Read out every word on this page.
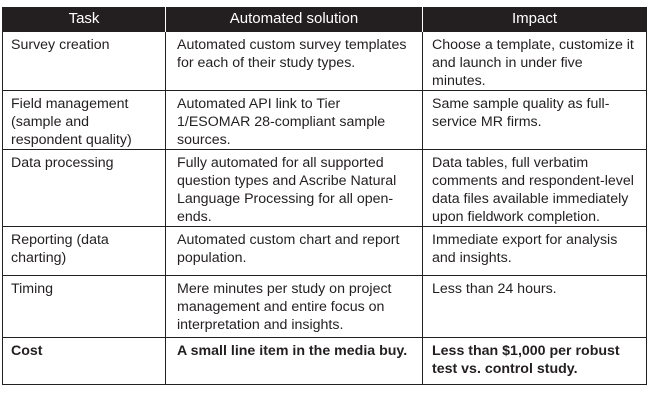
Task	Automated solution	Impact
Survey creation	Automated custom survey templates for each of their study types.	Choose a template, customize it and launch in under five minutes.
Field management (sample and respondent quality)	Automated API link to Tier 1/ESOMAR 28-compliant sample sources.	Same sample quality as full-service MR firms.
Data processing	Fully automated for all supported question types and Ascribe Natural Language Processing for all open-ends.	Data tables, full verbatim comments and respondent-level data files available immediately upon fieldwork completion.
Reporting (data charting)	Automated custom chart and report population.	Immediate export for analysis and insights.
Timing	Mere minutes per study on project management and entire focus on interpretation and insights.	Less than 24 hours.
Cost	A small line item in the media buy.	Less than $1,000 per robust test vs. control study.
